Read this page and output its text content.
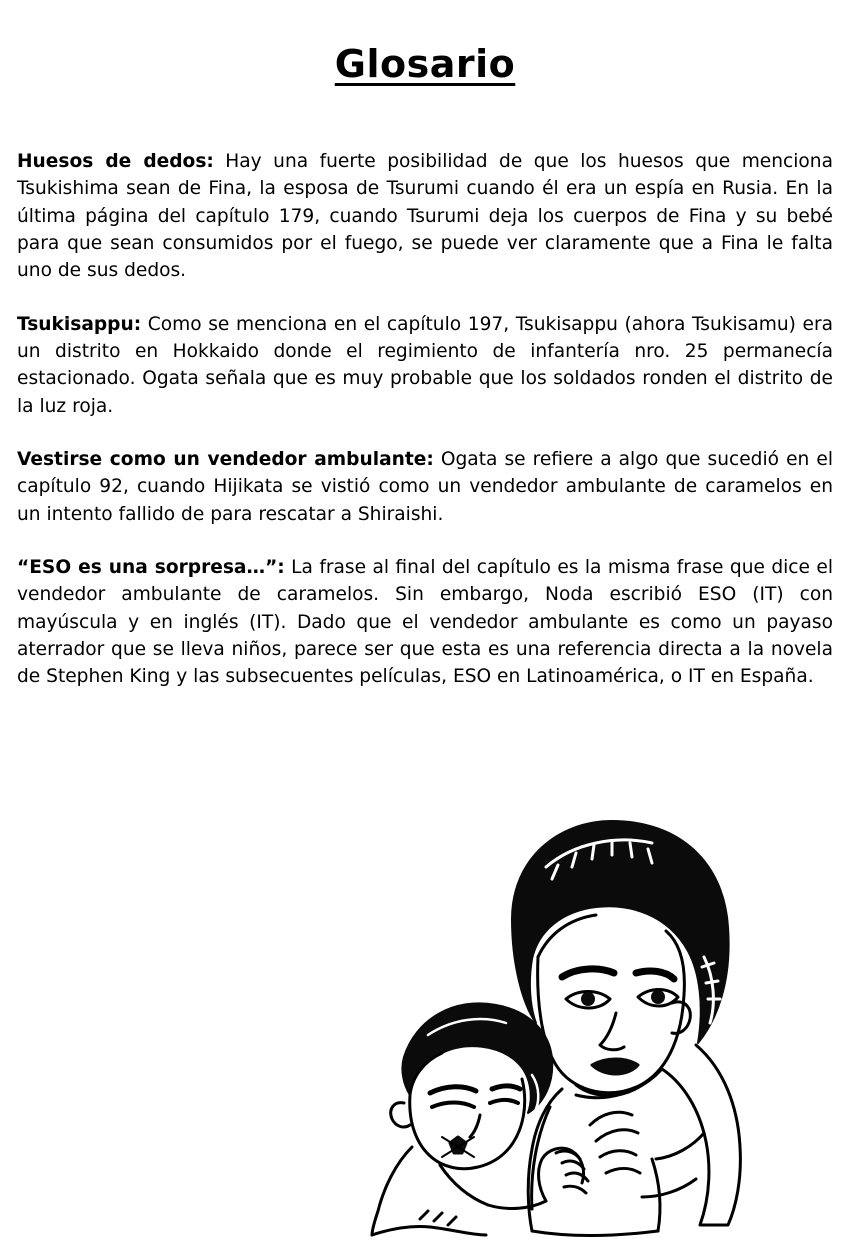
Glosario

Huesos de dedos: Hay una fuerte posibilidad de que los huesos que menciona Tsukishima sean de Fina, la esposa de Tsurumi cuando él era un espía en Rusia. En la última página del capítulo 179, cuando Tsurumi deja los cuerpos de Fina y su bebé para que sean consumidos por el fuego, se puede ver claramente que a Fina le falta uno de sus dedos.

Tsukisappu: Como se menciona en el capítulo 197, Tsukisappu (ahora Tsukisamu) era un distrito en Hokkaido donde el regimiento de infantería nro. 25 permanecía estacionado. Ogata señala que es muy probable que los soldados ronden el distrito de la luz roja.

Vestirse como un vendedor ambulante: Ogata se refiere a algo que sucedió en el capítulo 92, cuando Hijikata se vistió como un vendedor ambulante de caramelos en un intento fallido de para rescatar a Shiraishi.

“ESO es una sorpresa…”: La frase al final del capítulo es la misma frase que dice el vendedor ambulante de caramelos. Sin embargo, Noda escribió ESO (IT) con mayúscula y en inglés (IT). Dado que el vendedor ambulante es como un payaso aterrador que se lleva niños, parece ser que esta es una referencia directa a la novela de Stephen King y las subsecuentes películas, ESO en Latinoamérica, o IT en España.
